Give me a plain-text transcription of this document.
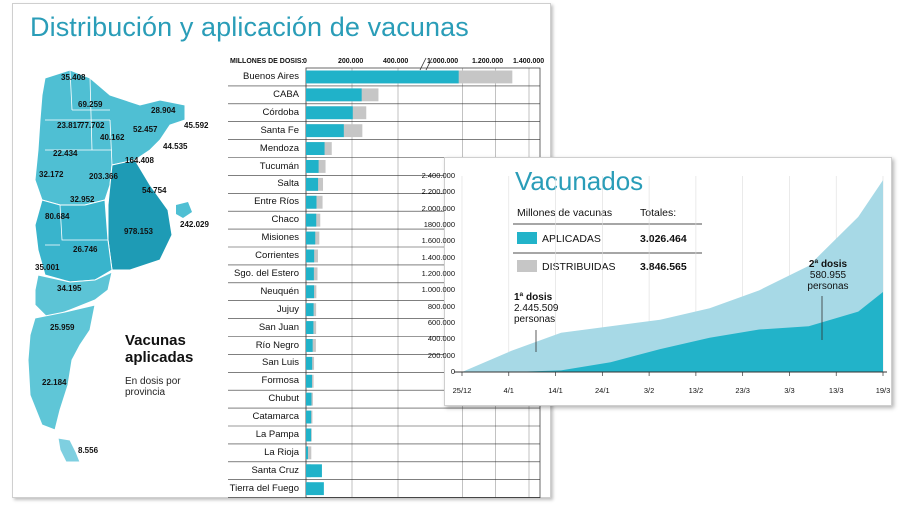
Distribución y aplicación de vacunas
35.408
69.259
28.904
23.817
77.702	52.457	45.592
40.162
44.535
22.434
164.408
32.172	203.366
54.754
32.952
80.684
978.153
242.029
26.746
35.001
34.195
25.959
22.184
8.556
Vacunas
aplicadas
En dosis por
provincia
MILLONES DE DOSIS: 0	200.000	400.000	1.000.000 1.200.000 1.400.000
Buenos Aires
CABA
Córdoba
Santa Fe
Mendoza
Tucumán
Salta
Entre Ríos
Chaco
Misiones
Corrientes
Sgo. del Estero
Neuquén
Jujuy
San Juan
Río Negro
San Luis
Formosa
Chubut
Catamarca
La Pampa
La Rioja
Santa Cruz
Tierra del Fuego
Vacunados
Millones de vacunas	Totales:
APLICADAS	3.026.464
DISTRIBUIDAS 3.846.565
2.400.000
2.200.000
2.000.000
1800.000
1.600.000
1.400.000
1.200.000
1.000.000
800.000
600.000
400.000
200.000
0
25/12	4/1	14/1	24/1	3/2	13/2	23/3	3/3	13/3	19/3
1ª dosis
2.445.509
personas
2ª dosis
580.955
personas
